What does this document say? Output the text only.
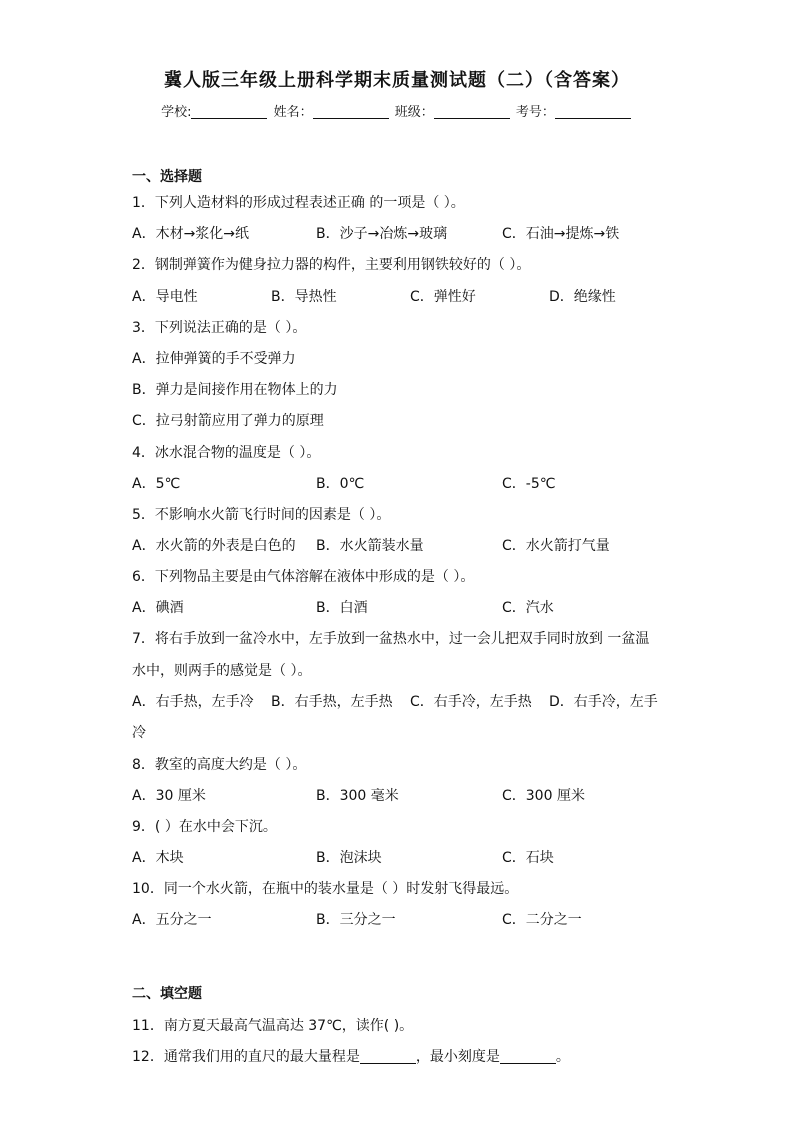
冀人版三年级上册科学期末质量测试题（二）（含答案）
学校:	姓名：	班级：	考号：
一、选择题
1．下列人造材料的形成过程表述正确 的一项是（ ）。
A．木材→浆化→纸	B．沙子→冶炼→玻璃	C．石油→提炼→铁
2．钢制弹簧作为健身拉力器的构件，主要利用钢铁较好的（ ）。
A．导电性	B．导热性	C．弹性好	D．绝缘性
3．下列说法正确的是（ ）。
A．拉伸弹簧的手不受弹力
B．弹力是间接作用在物体上的力
C．拉弓射箭应用了弹力的原理
4．冰水混合物的温度是（ ）。
A．5℃	B．0℃	C．-5℃
5．不影响水火箭飞行时间的因素是（ ）。
A．水火箭的外表是白色的 B．水火箭装水量	C．水火箭打气量
6．下列物品主要是由气体溶解在液体中形成的是（ ）。
A．碘酒	B．白酒	C．汽水
7．将右手放到一盆冷水中，左手放到一盆热水中，过一会儿把双手同时放到 一盆温
水中，则两手的感觉是（ ）。
A．右手热，左手冷 B．右手热，左手热 C．右手冷，左手热 D．右手冷，左手
冷
8．教室的高度大约是（ ）。
A．30 厘米	B．300 毫米	C．300 厘米
9．( ）在水中会下沉。
A．木块	B．泡沫块	C．石块
10．同一个水火箭，在瓶中的装水量是（ ）时发射飞得最远。
A．五分之一	B．三分之一	C．二分之一
二、填空题
11．南方夏天最高气温高达 37℃，读作( )。
12．通常我们用的直尺的最大量程是	，最小刻度是	。
